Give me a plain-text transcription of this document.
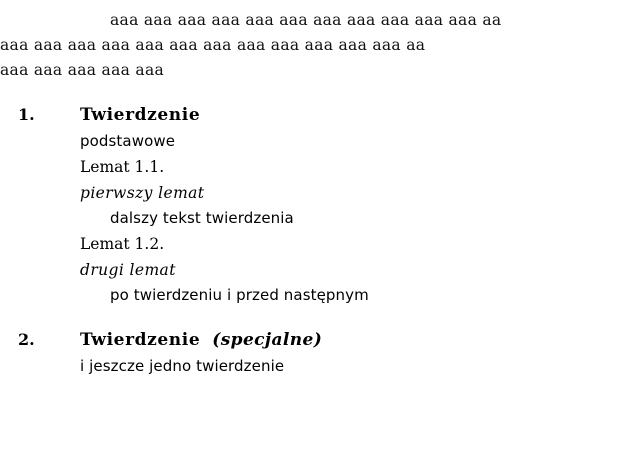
aaa aaa aaa aaa aaa aaa aaa aaa aaa aaa aaa aa
aaa aaa aaa aaa aaa aaa aaa aaa aaa aaa aaa aaa aa
aaa aaa aaa aaa aaa

1.	Twierdzenie
podstawowe
Lemat 1.1.
pierwszy lemat
dalszy tekst twierdzenia
Lemat 1.2.
drugi lemat
po twierdzeniu i przed następnym
2.	Twierdzenie (specjalne)
i jeszcze jedno twierdzenie
